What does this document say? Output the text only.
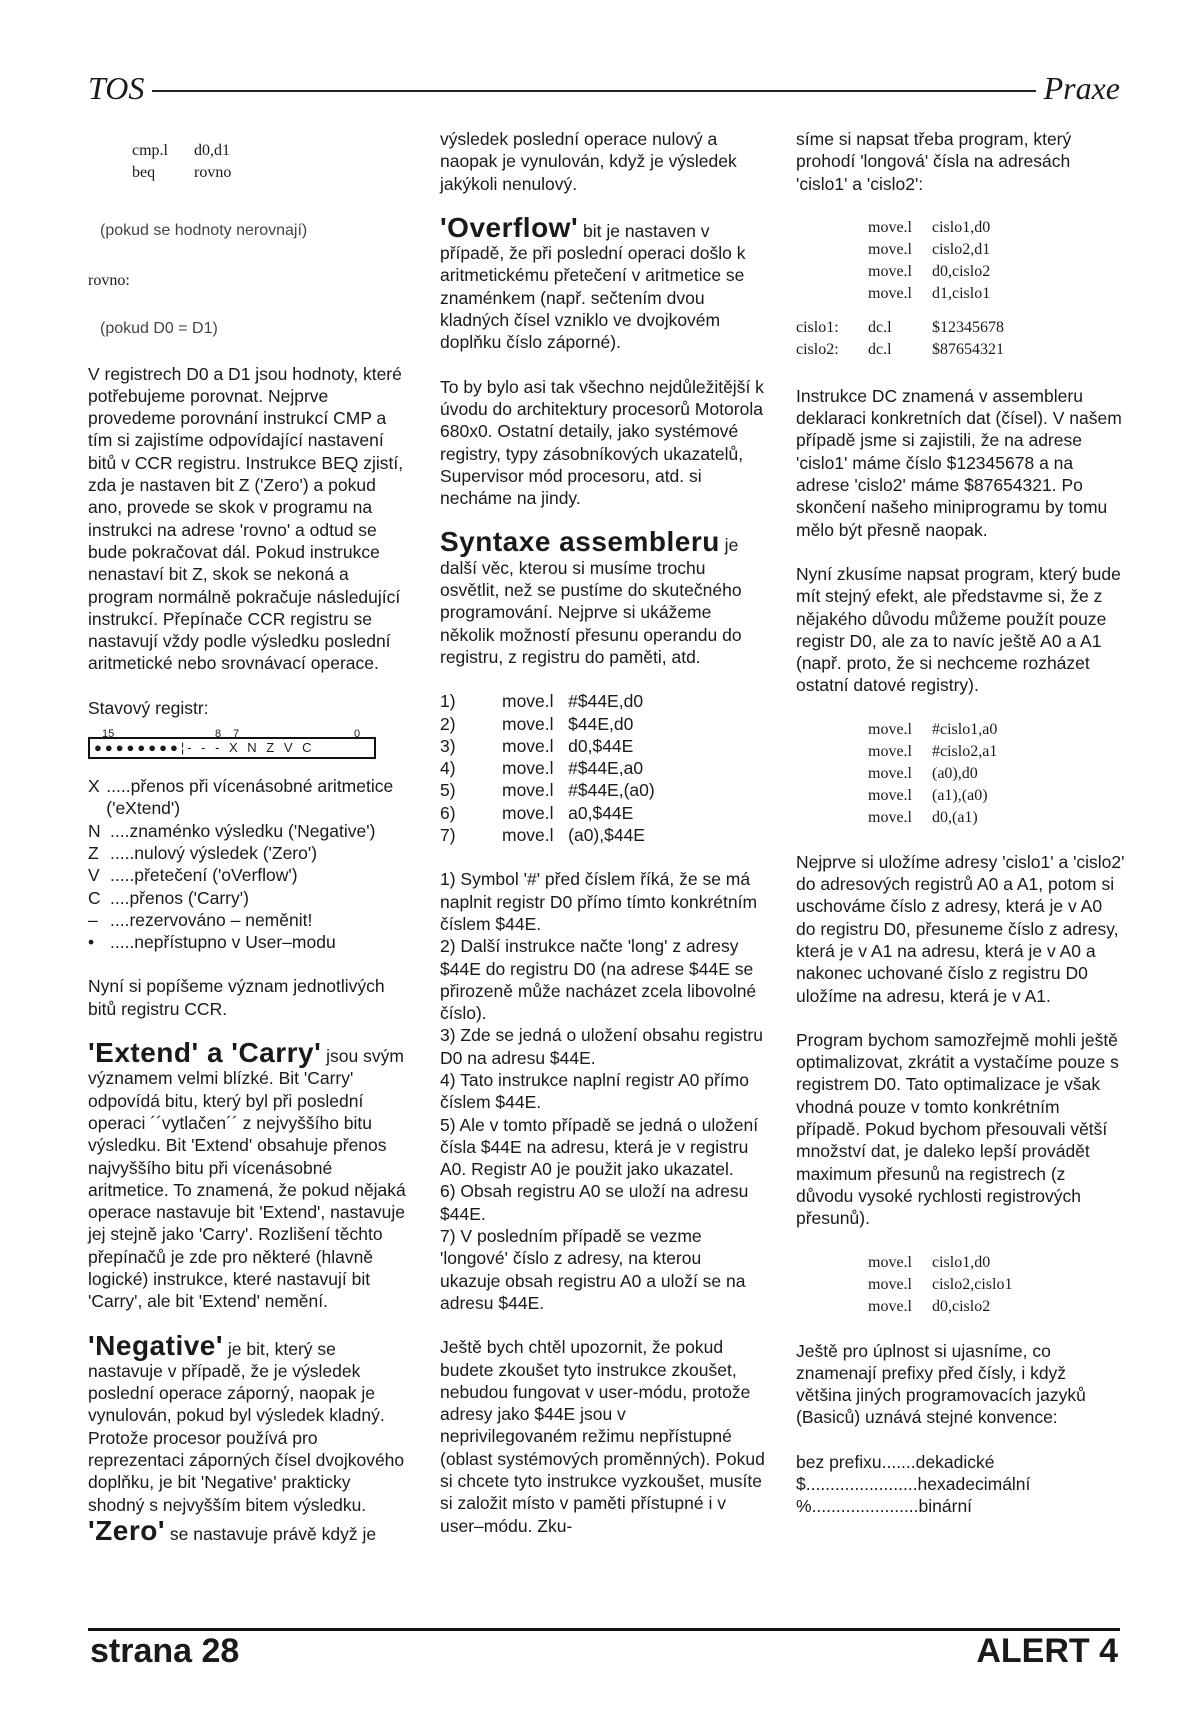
TOS	Praxe
cmp.l	d0,d1
beq	rovno
(pokud se hodnoty nerovnají)
rovno:
(pokud D0 = D1)

V registrech D0 a D1 jsou hodnoty, které potřebujeme porovnat. Nejprve provedeme porovnání instrukcí CMP a tím si zajistíme odpovídající nastavení bitů v CCR registru. Instrukce BEQ zjistí, zda je nastaven bit Z ('Zero') a pokud ano, provede se skok v programu na instrukci na adrese 'rovno' a odtud se bude pokračovat dál. Pokud instrukce nenastaví bit Z, skok se nekoná a program normálně pokračuje následující instrukcí. Přepínače CCR registru se nastavují vždy podle výsledku poslední aritmetické nebo srovnávací operace.

Stavový registr:
15	8 7	0
●●●●●●●●¦- - - X N Z V C
X .....přenos při vícenásobné aritmetice ('eXtend')
N ....znaménko výsledku ('Negative')
Z .....nulový výsledek ('Zero')
V .....přetečení ('oVerflow')
C ....přenos ('Carry')
– ....rezervováno – neměnit!
• .....nepřístupno v User–modu

Nyní si popíšeme význam jednotlivých bitů registru CCR.

'Extend' a 'Carry' jsou svým významem velmi blízké. Bit 'Carry' odpovídá bitu, který byl při poslední operaci ´´vytlačen´´ z nejvyššího bitu výsledku. Bit 'Extend' obsahuje přenos najvyššího bitu při vícenásobné aritmetice. To znamená, že pokud nějaká operace nastavuje bit 'Extend', nastavuje jej stejně jako 'Carry'. Rozlišení těchto přepínačů je zde pro některé (hlavně logické) instrukce, které nastavují bit 'Carry', ale bit 'Extend' nemění.

'Negative' je bit, který se nastavuje v případě, že je výsledek poslední operace záporný, naopak je vynulován, pokud byl výsledek kladný. Protože procesor používá pro reprezentaci záporných čísel dvojkového doplňku, je bit 'Negative' prakticky shodný s nejvyšším bitem výsledku.

'Zero' se nastavuje právě když je

výsledek poslední operace nulový a naopak je vynulován, když je výsledek jakýkoli nenulový.

'Overflow' bit je nastaven v případě, že při poslední operaci došlo k aritmetickému přetečení v aritmetice se znaménkem (např. sečtením dvou kladných čísel vzniklo ve dvojkovém doplňku číslo záporné).

To by bylo asi tak všechno nejdůležitější k úvodu do architektury procesorů Motorola 680x0. Ostatní detaily, jako systémové registry, typy zásobníkových ukazatelů, Supervisor mód procesoru, atd. si necháme na jindy.

Syntaxe assembleru je další věc, kterou si musíme trochu osvětlit, než se pustíme do skutečného programování. Nejprve si ukážeme několik možností přesunu operandu do registru, z registru do paměti, atd.

1)	move.l   #$44E,d0
2)	move.l   $44E,d0
3)	move.l   d0,$44E
4)	move.l   #$44E,a0
5)	move.l   #$44E,(a0)
6)	move.l   a0,$44E
7)	move.l   (a0),$44E
1) Symbol '#' před číslem říká, že se má naplnit registr D0 přímo tímto konkrétním číslem $44E.
2) Další instrukce načte 'long' z adresy $44E do registru D0 (na adrese $44E se přirozeně může nacházet zcela libovolné číslo).
3) Zde se jedná o uložení obsahu registru D0 na adresu $44E.
4) Tato instrukce naplní registr A0 přímo číslem $44E.
5) Ale v tomto případě se jedná o uložení čísla $44E na adresu, která je v registru A0. Registr A0 je použit jako ukazatel.
6) Obsah registru A0 se uloží na adresu $44E.
7) V posledním případě se vezme 'longové' číslo z adresy, na kterou ukazuje obsah registru A0 a uloží se na adresu $44E.

Ještě bych chtěl upozornit, že pokud budete zkoušet tyto instrukce zkoušet, nebudou fungovat v user-módu, protože adresy jako $44E jsou v neprivilegovaném režimu nepřístupné (oblast systémových proměnných). Pokud si chcete tyto instrukce vyzkoušet, musíte si založit místo v paměti přístupné i v user–módu. Zku-

síme si napsat třeba program, který prohodí 'longová' čísla na adresách 'cislo1' a 'cislo2':

move.l	cislo1,d0
move.l	cislo2,d1
move.l	d0,cislo2
move.l	d1,cislo1
cislo1:	dc.l	$12345678
cislo2:	dc.l	$87654321

Instrukce DC znamená v assembleru deklaraci konkretních dat (čísel). V našem případě jsme si zajistili, že na adrese 'cislo1' máme číslo $12345678 a na adrese 'cislo2' máme $87654321. Po skončení našeho miniprogramu by tomu mělo být přesně naopak.

Nyní zkusíme napsat program, který bude mít stejný efekt, ale představme si, že z nějakého důvodu můžeme použít pouze registr D0, ale za to navíc ještě A0 a A1 (např. proto, že si nechceme rozházet ostatní datové registry).

move.l	#cislo1,a0
move.l	#cislo2,a1
move.l	(a0),d0
move.l	(a1),(a0)
move.l	d0,(a1)

Nejprve si uložíme adresy 'cislo1' a 'cislo2' do adresových registrů A0 a A1, potom si uschováme číslo z adresy, která je v A0 do registru D0, přesuneme číslo z adresy, která je v A1 na adresu, která je v A0 a nakonec uchované číslo z registru D0 uložíme na adresu, která je v A1.

Program bychom samozřejmě mohli ještě optimalizovat, zkrátit a vystačíme pouze s registrem D0. Tato optimalizace je však vhodná pouze v tomto konkrétním případě. Pokud bychom přesouvali větší množství dat, je daleko lepší provádět maximum přesunů na registrech (z důvodu vysoké rychlosti registrových přesunů).

move.l	cislo1,d0
move.l	cislo2,cislo1
move.l	d0,cislo2

Ještě pro úplnost si ujasníme, co znamenají prefixy před čísly, i když většina jiných programovacích jazyků (Basiců) uznává stejné konvence:

bez prefixu .......dekadické
$ .......................hexadecimální
% ......................binární
strana 28	ALERT 4
